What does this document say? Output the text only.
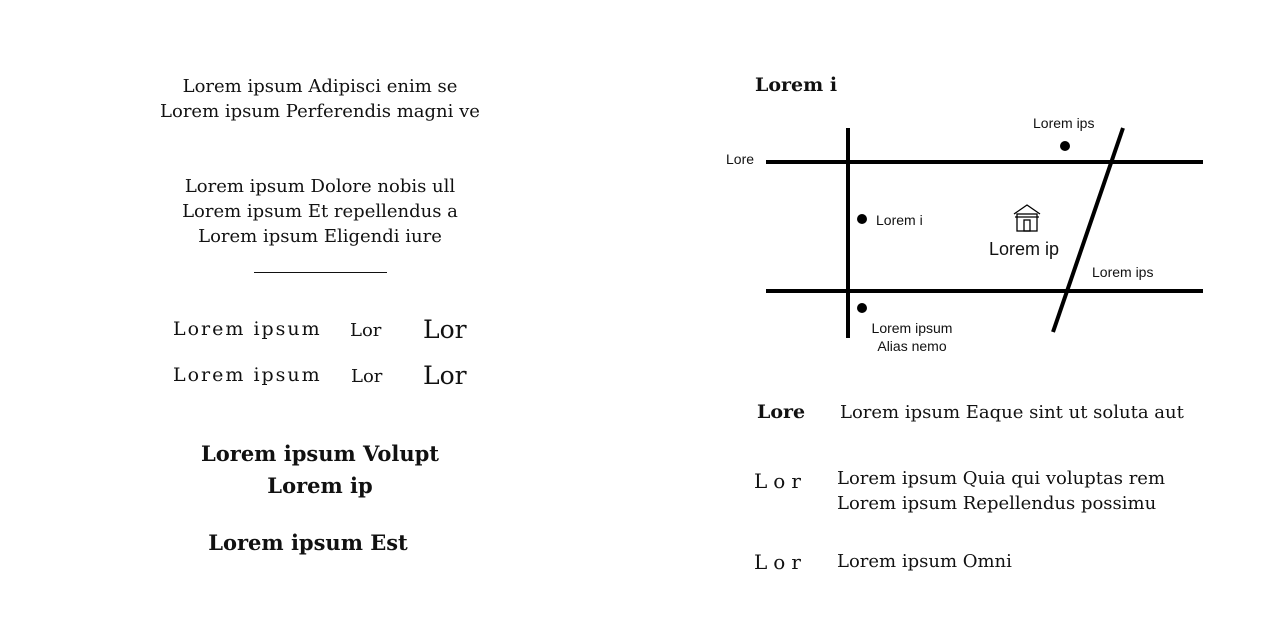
Lorem ipsum Adipisci enim se
Lorem ipsum Perferendis magni ve
Lorem ipsum Dolore nobis ull
Lorem ipsum Et repellendus a
Lorem ipsum Eligendi iure
Lorem ipsum Lor Lor
Lorem ipsum Lor Lor
Lorem ipsum Volupt
Lorem ip
Lorem ipsum Est
Lorem i
Lore
Lorem ips
Lorem i
Lorem ip
Lorem ips
Lorem ipsum
Alias nemo
Lore Lorem ipsum Eaque sint ut soluta aut
Lor Lorem ipsum Quia qui voluptas rem
Lorem ipsum Repellendus possimu
Lor Lorem ipsum Omni
